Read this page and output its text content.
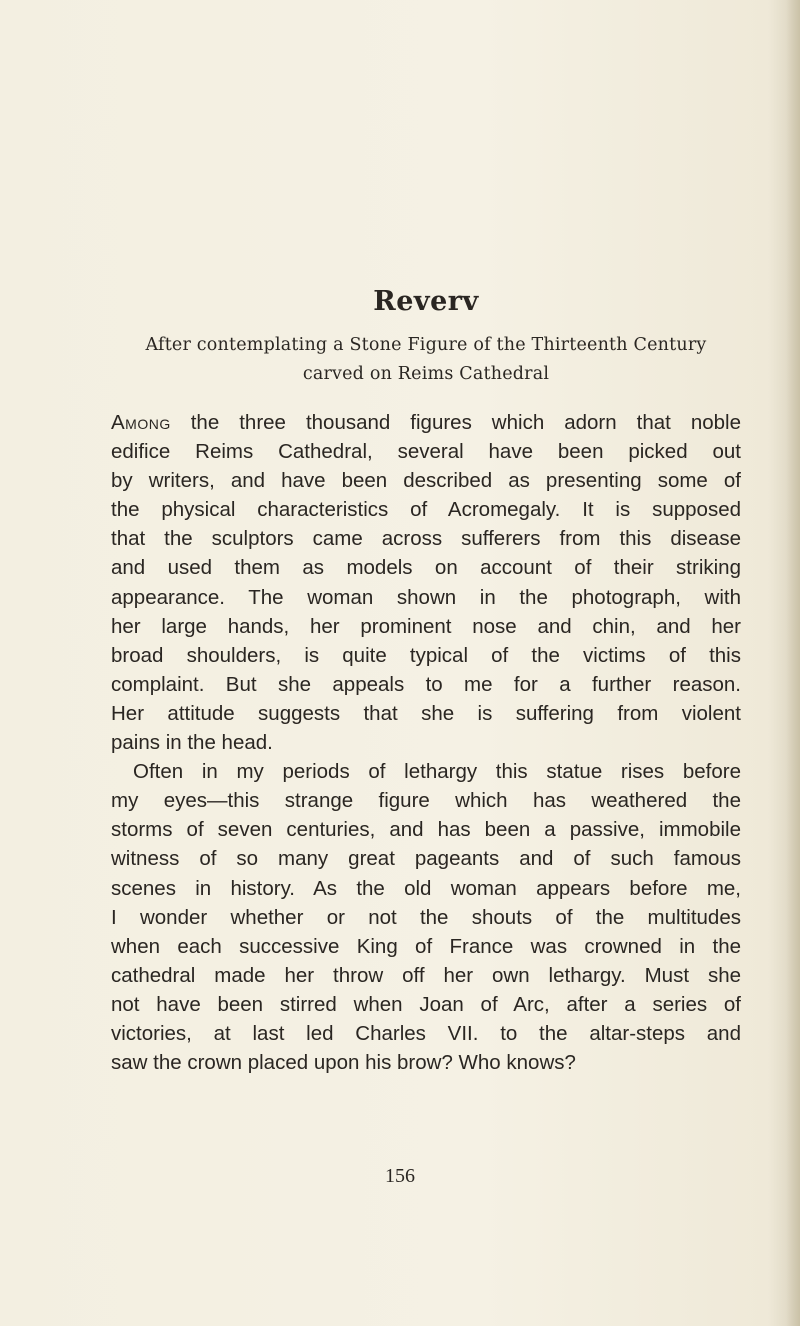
Reverv
After contemplating a Stone Figure of the Thirteenth Century
carved on Reims Cathedral

Among the three thousand figures which adorn that noble
edifice Reims Cathedral, several have been picked out
by writers, and have been described as presenting some of
the physical characteristics of Acromegaly. It is supposed
that the sculptors came across sufferers from this disease
and used them as models on account of their striking
appearance. The woman shown in the photograph, with
her large hands, her prominent nose and chin, and her
broad shoulders, is quite typical of the victims of this
complaint. But she appeals to me for a further reason.
Her attitude suggests that she is suffering from violent
pains in the head.

Often in my periods of lethargy this statue rises before
my eyes—this strange figure which has weathered the
storms of seven centuries, and has been a passive, immobile
witness of so many great pageants and of such famous
scenes in history. As the old woman appears before me,
I wonder whether or not the shouts of the multitudes
when each successive King of France was crowned in the
cathedral made her throw off her own lethargy. Must she
not have been stirred when Joan of Arc, after a series of
victories, at last led Charles VII. to the altar-steps and
saw the crown placed upon his brow? Who knows?

156
